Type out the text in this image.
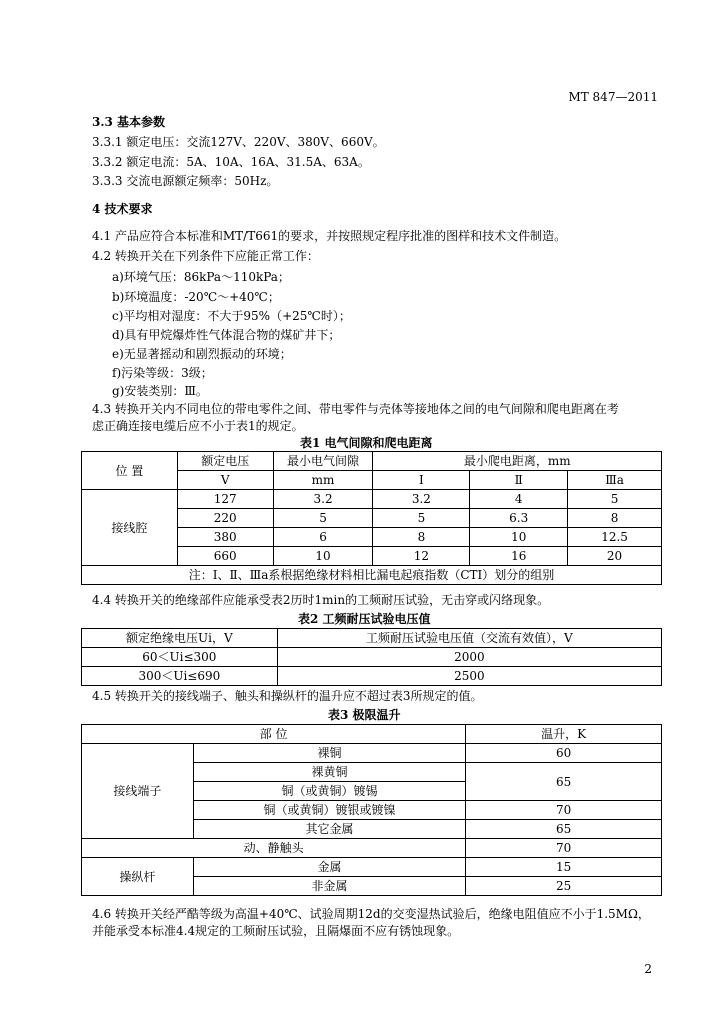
MT 847—2011
3.3 基本参数
3.3.1 额定电压：交流127V、220V、380V、660V。
3.3.2 额定电流：5A、10A、16A、31.5A、63A。
3.3.3 交流电源额定频率：50Hz。
4 技术要求
4.1 产品应符合本标准和MT/T661的要求，并按照规定程序批准的图样和技术文件制造。
4.2 转换开关在下列条件下应能正常工作：
a)环境气压：86kPa～110kPa；
b)环境温度：-20℃～+40℃；
c)平均相对湿度：不大于95%（+25℃时）；
d)具有甲烷爆炸性气体混合物的煤矿井下；
e)无显著摇动和剧烈振动的环境；
f)污染等级：3级；
g)安装类别：Ⅲ。
4.3 转换开关内不同电位的带电零件之间、带电零件与壳体等接地体之间的电气间隙和爬电距离在考
虑正确连接电缆后应不小于表1的规定。
表1 电气间隙和爬电距离
位 置	额定电压	最小电气间隙	最小爬电距离，mm		
	V	mm	Ⅰ	Ⅱ	Ⅲa
接线腔	127	3.2	3.2	4	5
	220	5	5	6.3	8
	380	6	8	10	12.5
	660	10	12	16	20
注：Ⅰ、Ⅱ、Ⅲa系根据绝缘材料相比漏电起痕指数（CTI）划分的组别					
4.4 转换开关的绝缘部件应能承受表2历时1min的工频耐压试验，无击穿或闪络现象。
表2 工频耐压试验电压值
额定绝缘电压Ui，V	工频耐压试验电压值（交流有效值），V
60＜Ui≤300	2000
300＜Ui≤690	2500
4.5 转换开关的接线端子、触头和操纵杆的温升应不超过表3所规定的值。
表3 极限温升
部 位		温升，K
接线端子	裸铜	60
	裸黄铜	65
	铜（或黄铜）镀锡	
	铜（或黄铜）镀银或镀镍	70
	其它金属	65
动、静触头		70
操纵杆	金属	15
	非金属	25
4.6 转换开关经严酷等级为高温+40℃、试验周期12d的交变湿热试验后，绝缘电阻值应不小于1.5MΩ，
并能承受本标准4.4规定的工频耐压试验，且隔爆面不应有锈蚀现象。
2
